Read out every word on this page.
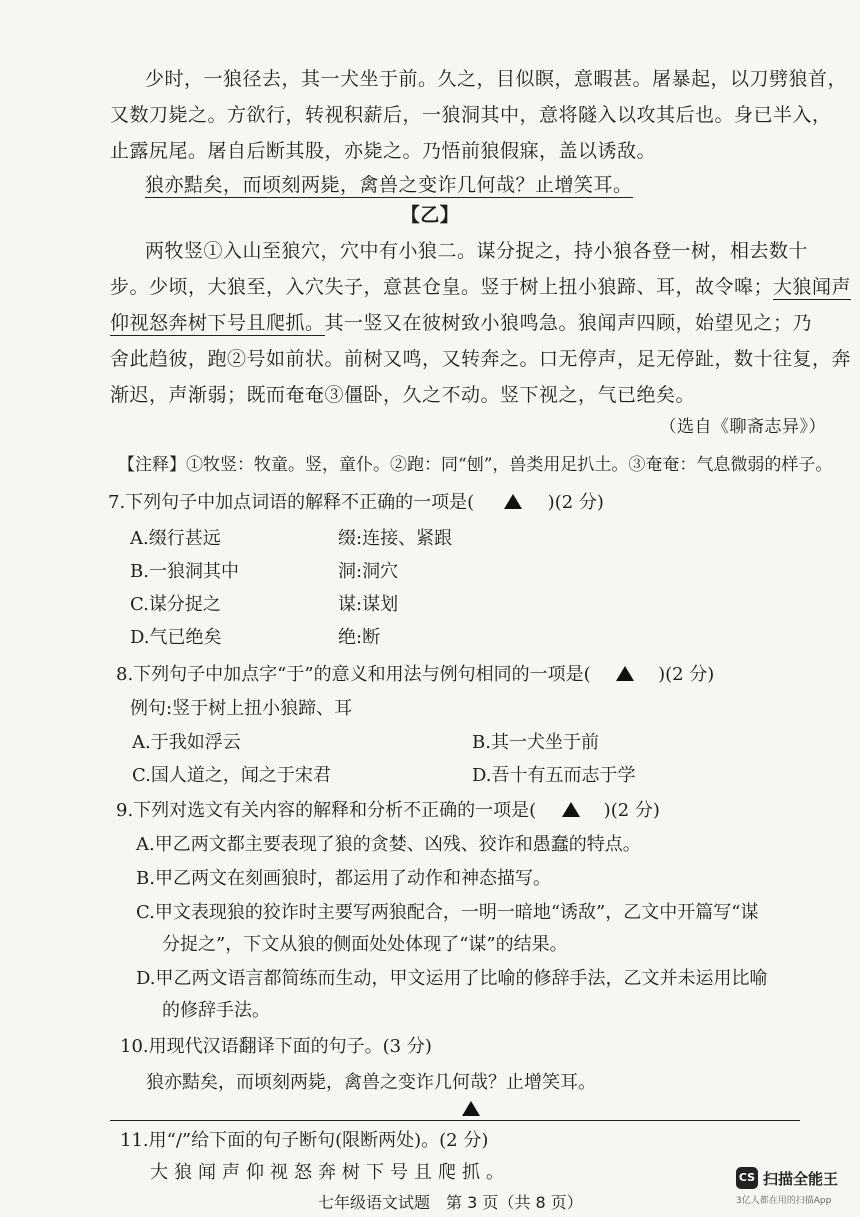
少时，一狼径去，其一犬坐于前。久之，目似瞑，意暇甚。屠暴起，以刀劈狼首，
又数刀毙之。方欲行，转视积薪后，一狼洞其中，意将隧入以攻其后也。身已半入，
止露尻尾。屠自后断其股，亦毙之。乃悟前狼假寐，盖以诱敌。
狼亦黠矣，而顷刻两毙，禽兽之变诈几何哉？止增笑耳。
【乙】
两牧竖①入山至狼穴，穴中有小狼二。谋分捉之，持小狼各登一树，相去数十
步。少顷，大狼至，入穴失子，意甚仓皇。竖于树上扭小狼蹄、耳，故令嗥；大狼闻声
仰视怒奔树下号且爬抓。其一竖又在彼树致小狼鸣急。狼闻声四顾，始望见之；乃
舍此趋彼，跑②号如前状。前树又鸣，又转奔之。口无停声，足无停趾，数十往复，奔
渐迟，声渐弱；既而奄奄③僵卧，久之不动。竖下视之，气已绝矣。
（选自《聊斋志异》）
【注释】①牧竖：牧童。竖，童仆。②跑：同“刨”，兽类用足扒土。③奄奄：气息微弱的样子。
7.下列句子中加点词语的解释不正确的一项是(	)(2 分)
A.缀行甚远	缀:连接、紧跟
B.一狼洞其中	洞:洞穴
C.谋分捉之	谋:谋划
D.气已绝矣	绝:断
8.下列句子中加点字“于”的意义和用法与例句相同的一项是(	)(2 分)
例句:竖于树上扭小狼蹄、耳
A.于我如浮云	B.其一犬坐于前
C.国人道之，闻之于宋君	D.吾十有五而志于学
9.下列对选文有关内容的解释和分析不正确的一项是(	)(2 分)
A.甲乙两文都主要表现了狼的贪婪、凶残、狡诈和愚蠢的特点。
B.甲乙两文在刻画狼时，都运用了动作和神态描写。
C.甲文表现狼的狡诈时主要写两狼配合，一明一暗地“诱敌”，乙文中开篇写“谋
分捉之”，下文从狼的侧面处处体现了“谋”的结果。
D.甲乙两文语言都简练而生动，甲文运用了比喻的修辞手法，乙文并未运用比喻
的修辞手法。
10.用现代汉语翻译下面的句子。(3 分)
狼亦黠矣，而顷刻两毙，禽兽之变诈几何哉？止增笑耳。
11.用“/”给下面的句子断句(限断两处)。(2 分)
大狼闻声仰视怒奔树下号且爬抓。
七年级语文试题　第 3 页（共 8 页）
CS 扫描全能王
3亿人都在用的扫描App
